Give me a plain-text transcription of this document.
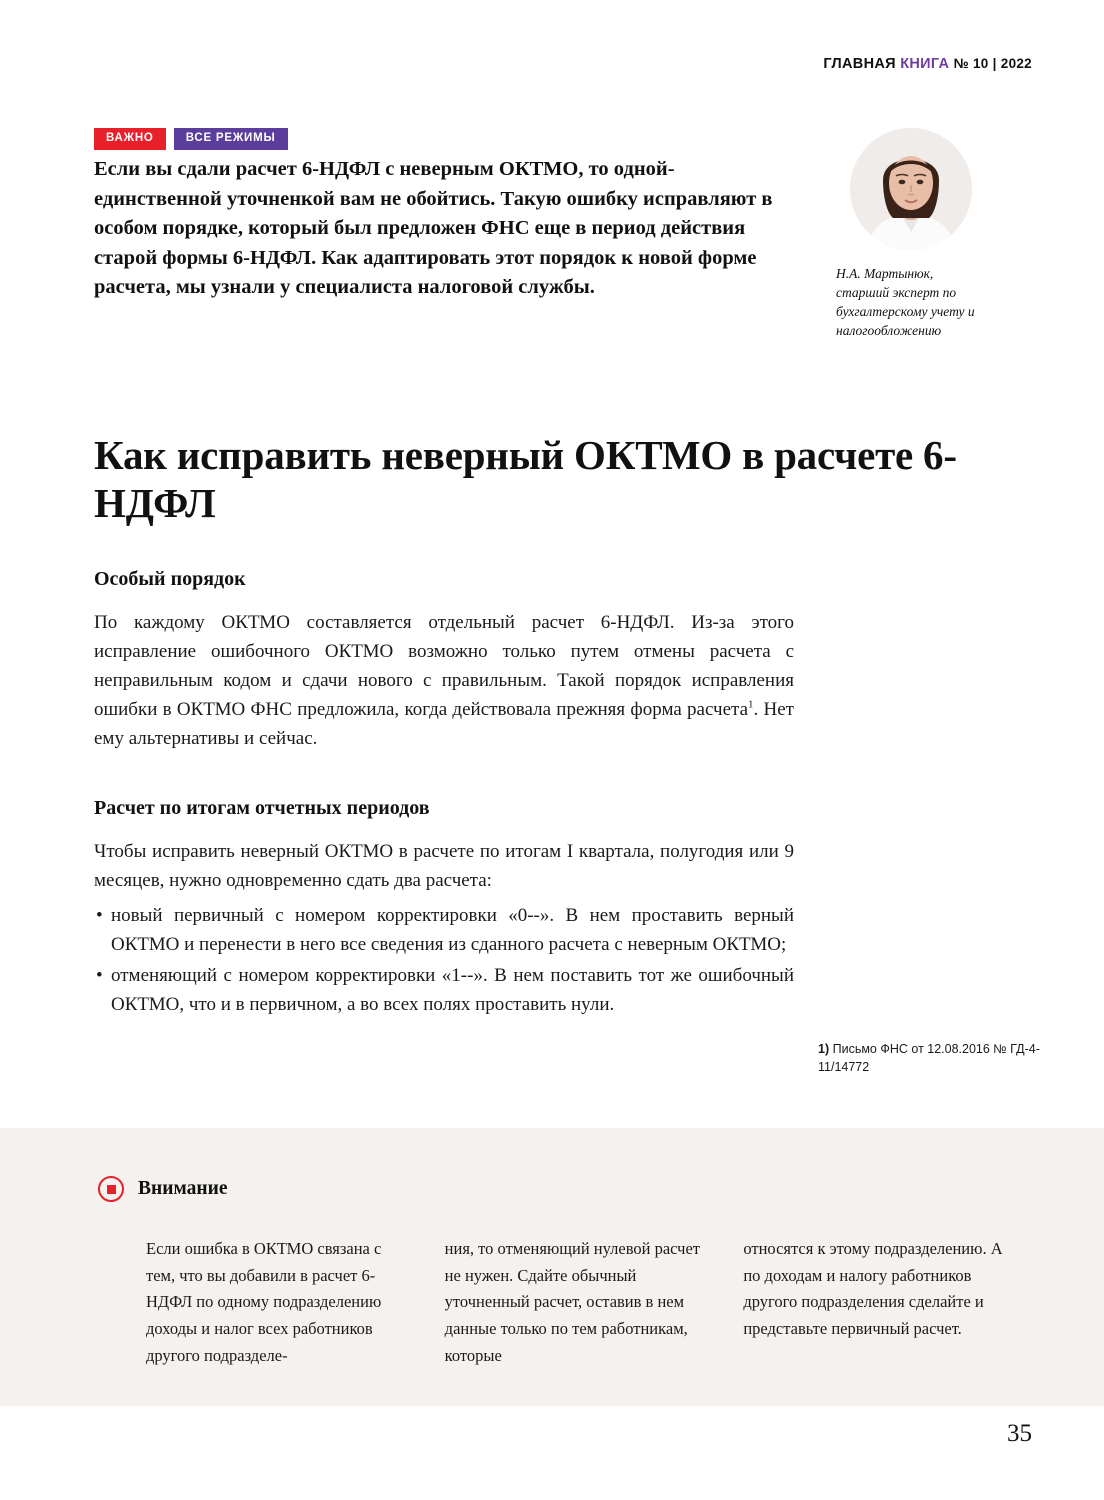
ГЛАВНАЯ КНИГА № 10 | 2022
ВАЖНО	ВСЕ РЕЖИМЫ
Если вы сдали расчет 6-НДФЛ с неверным ОКТМО, то одной-единственной уточненкой вам не обойтись. Такую ошибку исправляют в особом порядке, который был предложен ФНС еще в период действия старой формы 6-НДФЛ. Как адаптировать этот порядок к новой форме расчета, мы узнали у специалиста налоговой службы.
Н.А. Мартынюк,
старший эксперт по бухгалтерскому учету и налогообложению
Как исправить неверный ОКТМО в расчете 6-НДФЛ
Особый порядок

По каждому ОКТМО составляется отдельный расчет 6-НДФЛ. Из-за этого исправление ошибочного ОКТМО возможно только путем отмены расчета с неправильным кодом и сдачи нового с правильным. Такой порядок исправления ошибки в ОКТМО ФНС предложила, когда действовала прежняя форма расчета$^1$. Нет ему альтернативы и сейчас.

Расчет по итогам отчетных периодов

Чтобы исправить неверный ОКТМО в расчете по итогам I квартала, полугодия или 9 месяцев, нужно одновременно сдать два расчета:

• новый первичный с номером корректировки «0--». В нем проставить верный ОКТМО и перенести в него все сведения из сданного расчета с неверным ОКТМО;
• отменяющий с номером корректировки «1--». В нем поставить тот же ошибочный ОКТМО, что и в первичном, а во всех полях проставить нули.
1) Письмо ФНС от 12.08.2016 № ГД-4-11/14772
Внимание
Если ошибка в ОКТМО связана с тем, что вы добавили в расчет 6-НДФЛ по одному подразделению доходы и налог всех работников другого подразделе-
ния, то отменяющий нулевой расчет не нужен. Сдайте обычный уточненный расчет, оставив в нем данные только по тем работникам, которые
относятся к этому подразделению. А по доходам и налогу работников другого подразделения сделайте и представьте первичный расчет.
35
